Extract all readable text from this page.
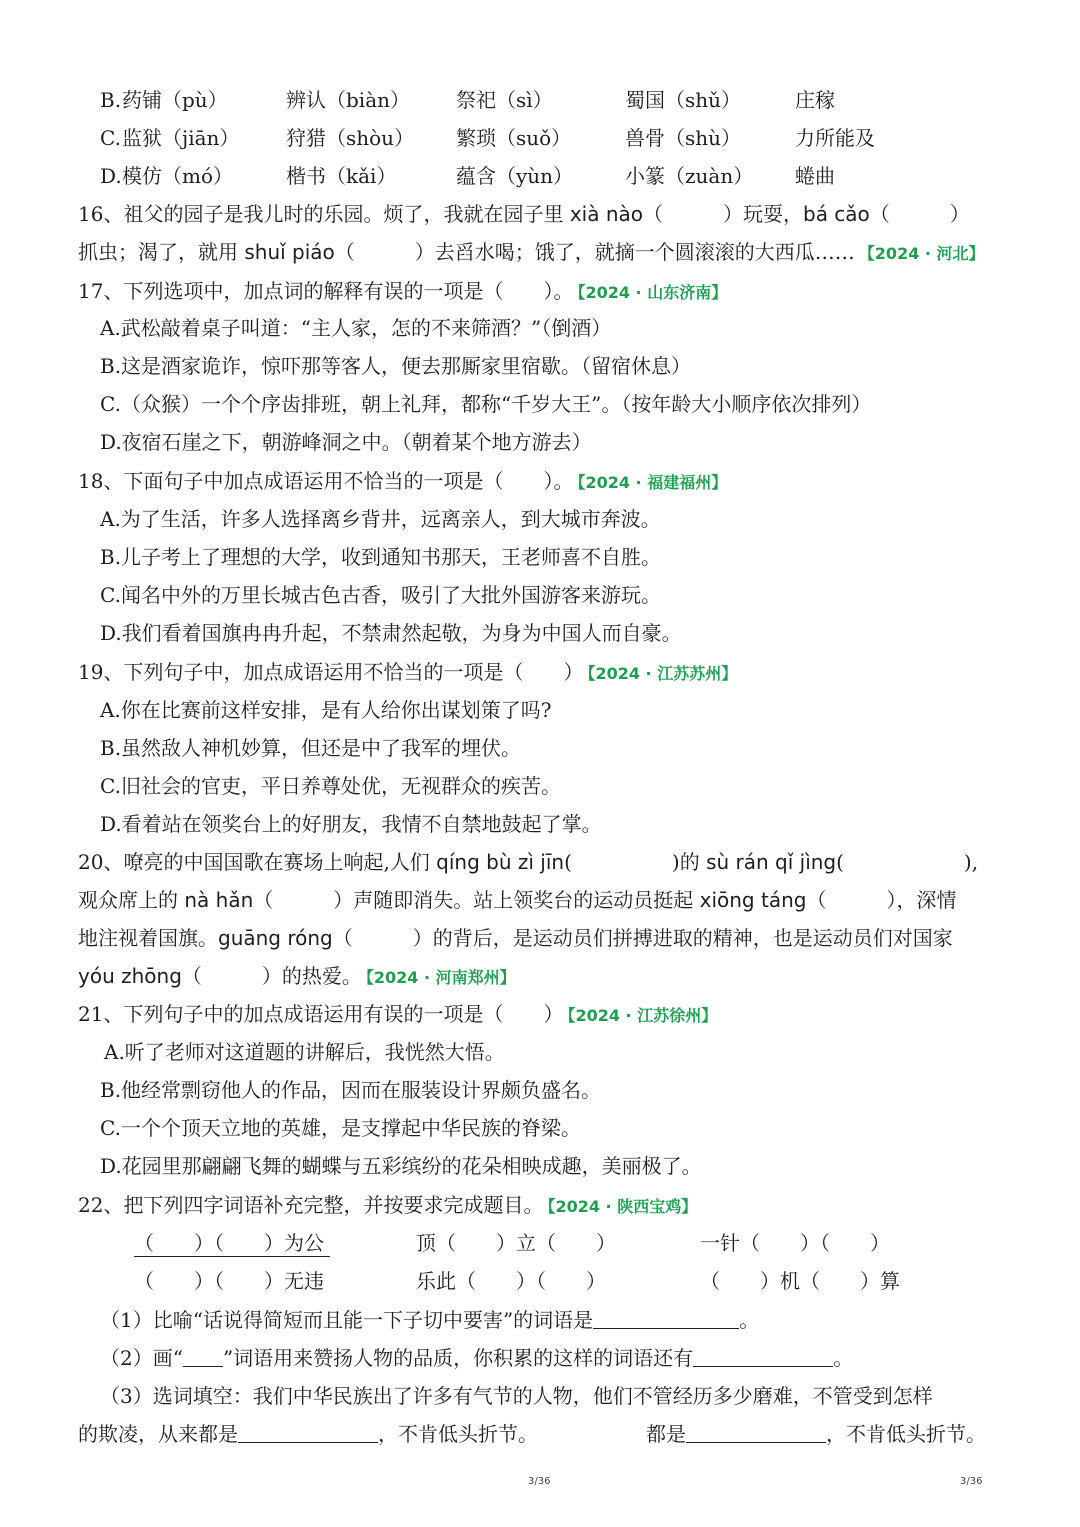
B. 药铺（pù）	辨认（biàn） 祭祀（sì）	蜀国（shǔ）	庄稼
C. 监狱（jiān） 狩猎（shòu） 繁琐（suǒ）	兽骨（shù）	力所能及
D. 模仿（mó）	楷书（kǎi）	蕴含（yùn）	小篆（zuàn） 蜷曲
16、祖父的园子是我儿时的乐园。烦了，我就在园子里 xià nào（　　　）玩耍，bá cǎo（　　　）
抓虫；渴了，就用 shuǐ piáo（　　　）去舀水喝；饿了，就摘一个圆滚滚的大西瓜…… 【2024 · 河北】
17、下列选项中，加点词的解释有误的一项是（　　）。 【2024 · 山东济南】
A.武松敲着桌子叫道：“主人家，怎的不来筛酒？”（倒酒）
B.这是酒家诡诈，惊吓那等客人，便去那厮家里宿歇。（留宿休息）
C.（众猴）一个个序齿排班，朝上礼拜，都称“千岁大王”。（按年龄大小顺序依次排列）
D.夜宿石崖之下，朝游峰洞之中。（朝着某个地方游去）
18、下面句子中加点成语运用不恰当的一项是（　　）。 【2024 · 福建福州】
A.为了生活，许多人选择离乡背井，远离亲人，到大城市奔波。
B.儿子考上了理想的大学，收到通知书那天，王老师喜不自胜。
C.闻名中外的万里长城古色古香，吸引了大批外国游客来游玩。
D.我们看着国旗冉冉升起，不禁肃然起敬，为身为中国人而自豪。
19、下列句子中，加点成语运用不恰当的一项是（　　） 【2024 · 江苏苏州】
A.你在比赛前这样安排，是有人给你出谋划策了吗?
B.虽然敌人神机妙算，但还是中了我军的埋伏。
C.旧社会的官吏，平日养尊处优，无视群众的疾苦。
D.看着站在领奖台上的好朋友，我情不自禁地鼓起了掌。
20、嘹亮的中国国歌在赛场上响起,人们 qíng bù zì jīn(　　　　　)的 sù rán qǐ jìng(　　　　　　),
观众席上的 nà hǎn（　　　）声随即消失。站上领奖台的运动员挺起 xiōng táng（　　　），深情
地注视着国旗。guāng róng（　　　）的背后，是运动员们拼搏进取的精神，也是运动员们对国家
yóu zhōng（　　　）的热爱。 【2024 · 河南郑州】
21、下列句子中的加点成语运用有误的一项是（　　） 【2024 · 江苏徐州】
A.听了老师对这道题的讲解后，我恍然大悟。
B.他经常剽窃他人的作品，因而在服装设计界颇负盛名。
C.一个个顶天立地的英雄，是支撑起中华民族的脊梁。
D.花园里那翩翩飞舞的蝴蝶与五彩缤纷的花朵相映成趣，美丽极了。
22、把下列四字词语补充完整，并按要求完成题目。 【2024 · 陕西宝鸡】
（　　）（　　）为公	顶（　　）立（　　）	一针（　　）（　　）
（　　）（　　）无违	乐此（　　）（　　）	（　　）机（　　）算
（1）比喻“话说得简短而且能一下子切中要害”的词语是	。
（2）画“ ”词语用来赞扬人物的品质，你积累的这样的词语还有	。
（3）选词填空：我们中华民族出了许多有气节的人物，他们不管经历多少磨难，不管受到怎样
的欺凌，从来都是	，不肯低头折节。	都是	，不肯低头折节。
3/36	3/36
